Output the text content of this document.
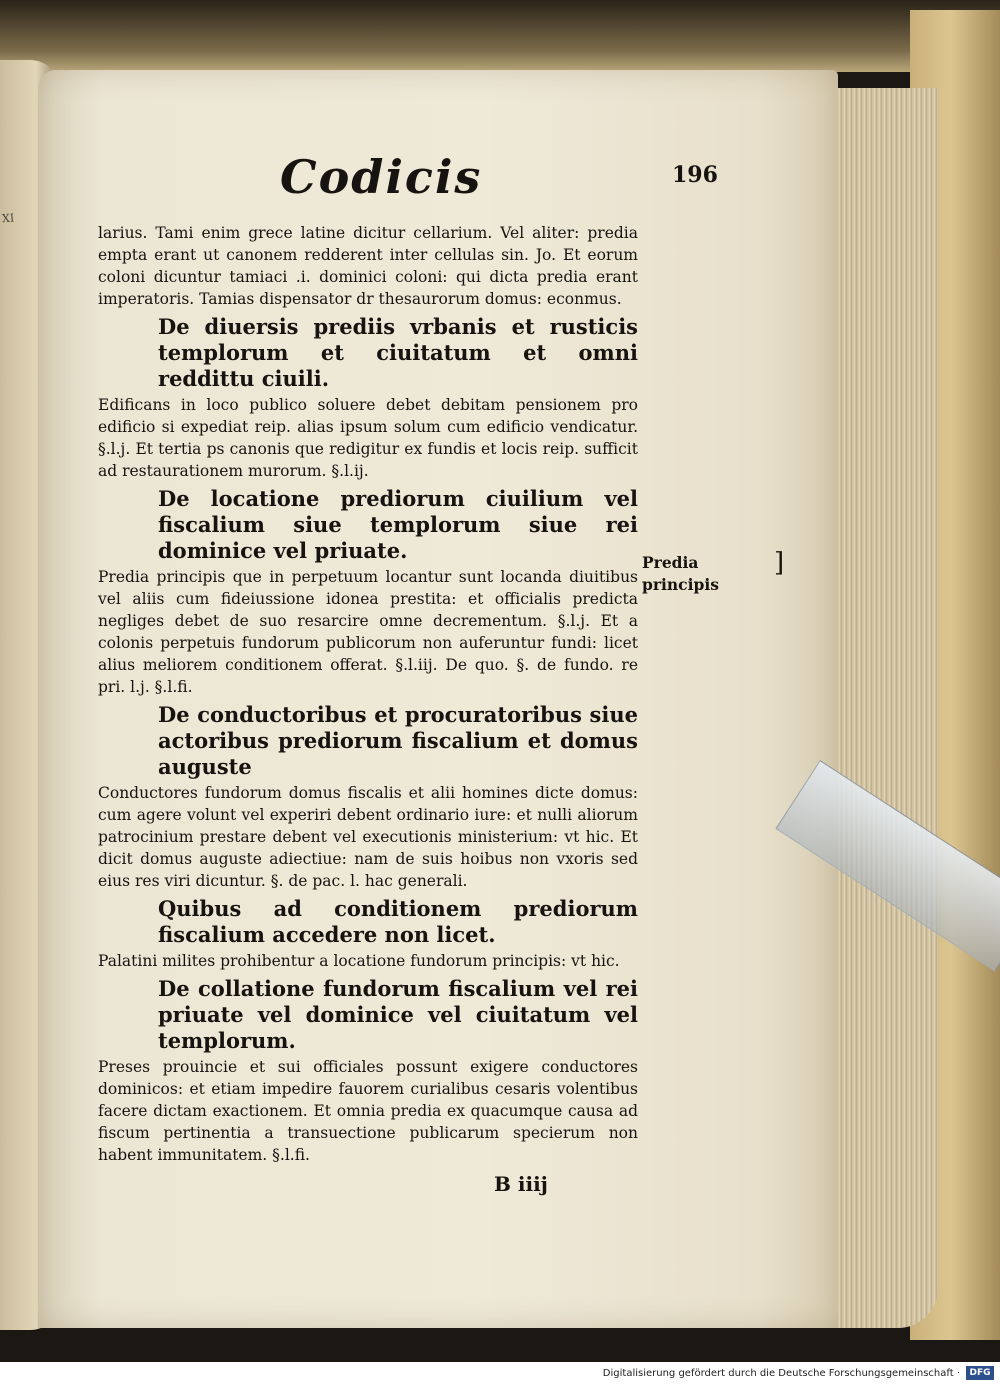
XI
Codicis	196

larius. Tami enim grece latine dicitur cellarium. Vel aliter: predia empta erant ut canonem redderent inter cellulas sin. Jo. Et eorum coloni dicuntur tamiaci .i. dominici coloni: qui dicta predia erant imperatoris. Tamias dispensator dr thesaurorum domus: econmus.

De diuersis prediis vrbanis et rusticis templorum et ciuitatum et omni reddittu ciuili.

Edificans in loco publico soluere debet debitam pensionem pro edificio si expediat reip. alias ipsum solum cum edificio vendicatur. §.l.j. Et tertia ps canonis que redigitur ex fundis et locis reip. sufficit ad restaurationem murorum. §.l.ij.

De locatione prediorum ciuilium vel fiscalium siue templorum siue rei dominice vel priuate.

Predia principis que in perpetuum locantur sunt locanda diuitibus vel aliis cum fideiussione idonea prestita: et officialis predicta negliges debet de suo resarcire omne decrementum. §.l.j. Et a colonis perpetuis fundorum publicorum non auferuntur fundi: licet alius meliorem conditionem offerat. §.l.iij. De quo. §. de fundo. re pri. l.j. §.l.fi.

De conductoribus et procuratoribus siue actoribus prediorum fiscalium et domus auguste

Conductores fundorum domus fiscalis et alii homines dicte domus: cum agere volunt vel experiri debent ordinario iure: et nulli aliorum patrocinium prestare debent vel executionis ministerium: vt hic. Et dicit domus auguste adiectiue: nam de suis hoibus non vxoris sed eius res viri dicuntur. §. de pac. l. hac generali.

Quibus ad conditionem prediorum fiscalium accedere non licet.

Palatini milites prohibentur a locatione fundorum principis: vt hic.

De collatione fundorum fiscalium vel rei priuate vel dominice vel ciuitatum vel templorum.

Preses prouincie et sui officiales possunt exigere conductores dominicos: et etiam impedire fauorem curialibus cesaris volentibus facere dictam exactionem. Et omnia predia ex quacumque causa ad fiscum pertinentia a transuectione publicarum specierum non habent immunitatem. §.l.fi.

Predia principis
]
B iiij
Digitalisierung gefördert durch die Deutsche Forschungsgemeinschaft ·	DFG
